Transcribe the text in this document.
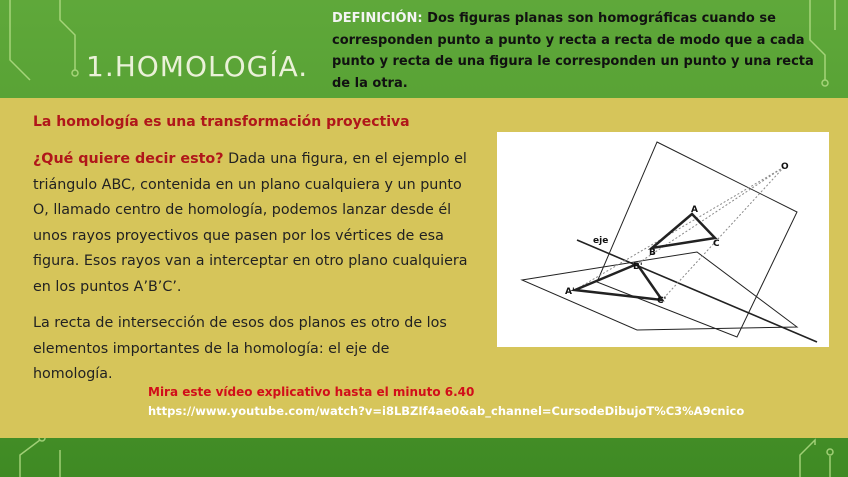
1.HOMOLOGÍA.
DEFINICIÓN: Dos figuras planas son homográficas cuando se corresponden punto a punto y recta a recta de modo que a cada punto y recta de una figura le corresponden un punto y una recta de la otra.
La homología es una transformación proyectiva
¿Qué quiere decir esto? Dada una figura, en el ejemplo el triángulo ABC, contenida en un plano cualquiera y un punto O, llamado centro de homología, podemos lanzar desde él unos rayos proyectivos que pasen por los vértices de esa figura. Esos rayos van a interceptar en otro plano cualquiera en los puntos A’B’C’.
La recta de intersección de esos dos planos es otro de los elementos importantes de la homología: el eje de homología.
Mira este vídeo explicativo hasta el minuto 6.40
https://www.youtube.com/watch?v=i8LBZIf4ae0&ab_channel=CursodeDibujoT%C3%A9cnico
O
A
B
C
A'
B'
C'
eje
